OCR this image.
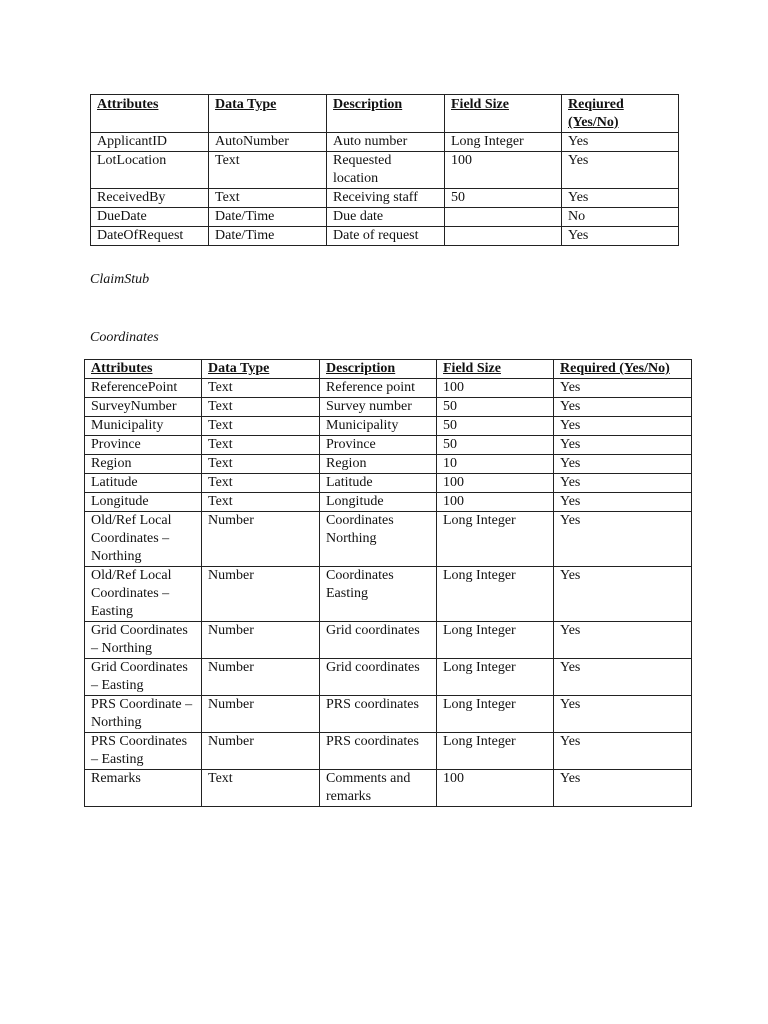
Attributes	Data Type	Description	Field Size	Reqiured (Yes/No)
ApplicantID	AutoNumber	Auto number	Long Integer	Yes
LotLocation	Text	Requested location	100	Yes
ReceivedBy	Text	Receiving staff	50	Yes
DueDate	Date/Time	Due date		No
DateOfRequest	Date/Time	Date of request		Yes
ClaimStub
Coordinates
Attributes	Data Type	Description	Field Size	Required (Yes/No)
ReferencePoint	Text	Reference point	100	Yes
SurveyNumber	Text	Survey number	50	Yes
Municipality	Text	Municipality	50	Yes
Province	Text	Province	50	Yes
Region	Text	Region	10	Yes
Latitude	Text	Latitude	100	Yes
Longitude	Text	Longitude	100	Yes
Old/Ref Local Coordinates – Northing	Number	Coordinates Northing	Long Integer	Yes
Old/Ref Local Coordinates – Easting	Number	Coordinates Easting	Long Integer	Yes
Grid Coordinates – Northing	Number	Grid coordinates	Long Integer	Yes
Grid Coordinates – Easting	Number	Grid coordinates	Long Integer	Yes
PRS Coordinate – Northing	Number	PRS coordinates	Long Integer	Yes
PRS Coordinates – Easting	Number	PRS coordinates	Long Integer	Yes
Remarks	Text	Comments and remarks	100	Yes
